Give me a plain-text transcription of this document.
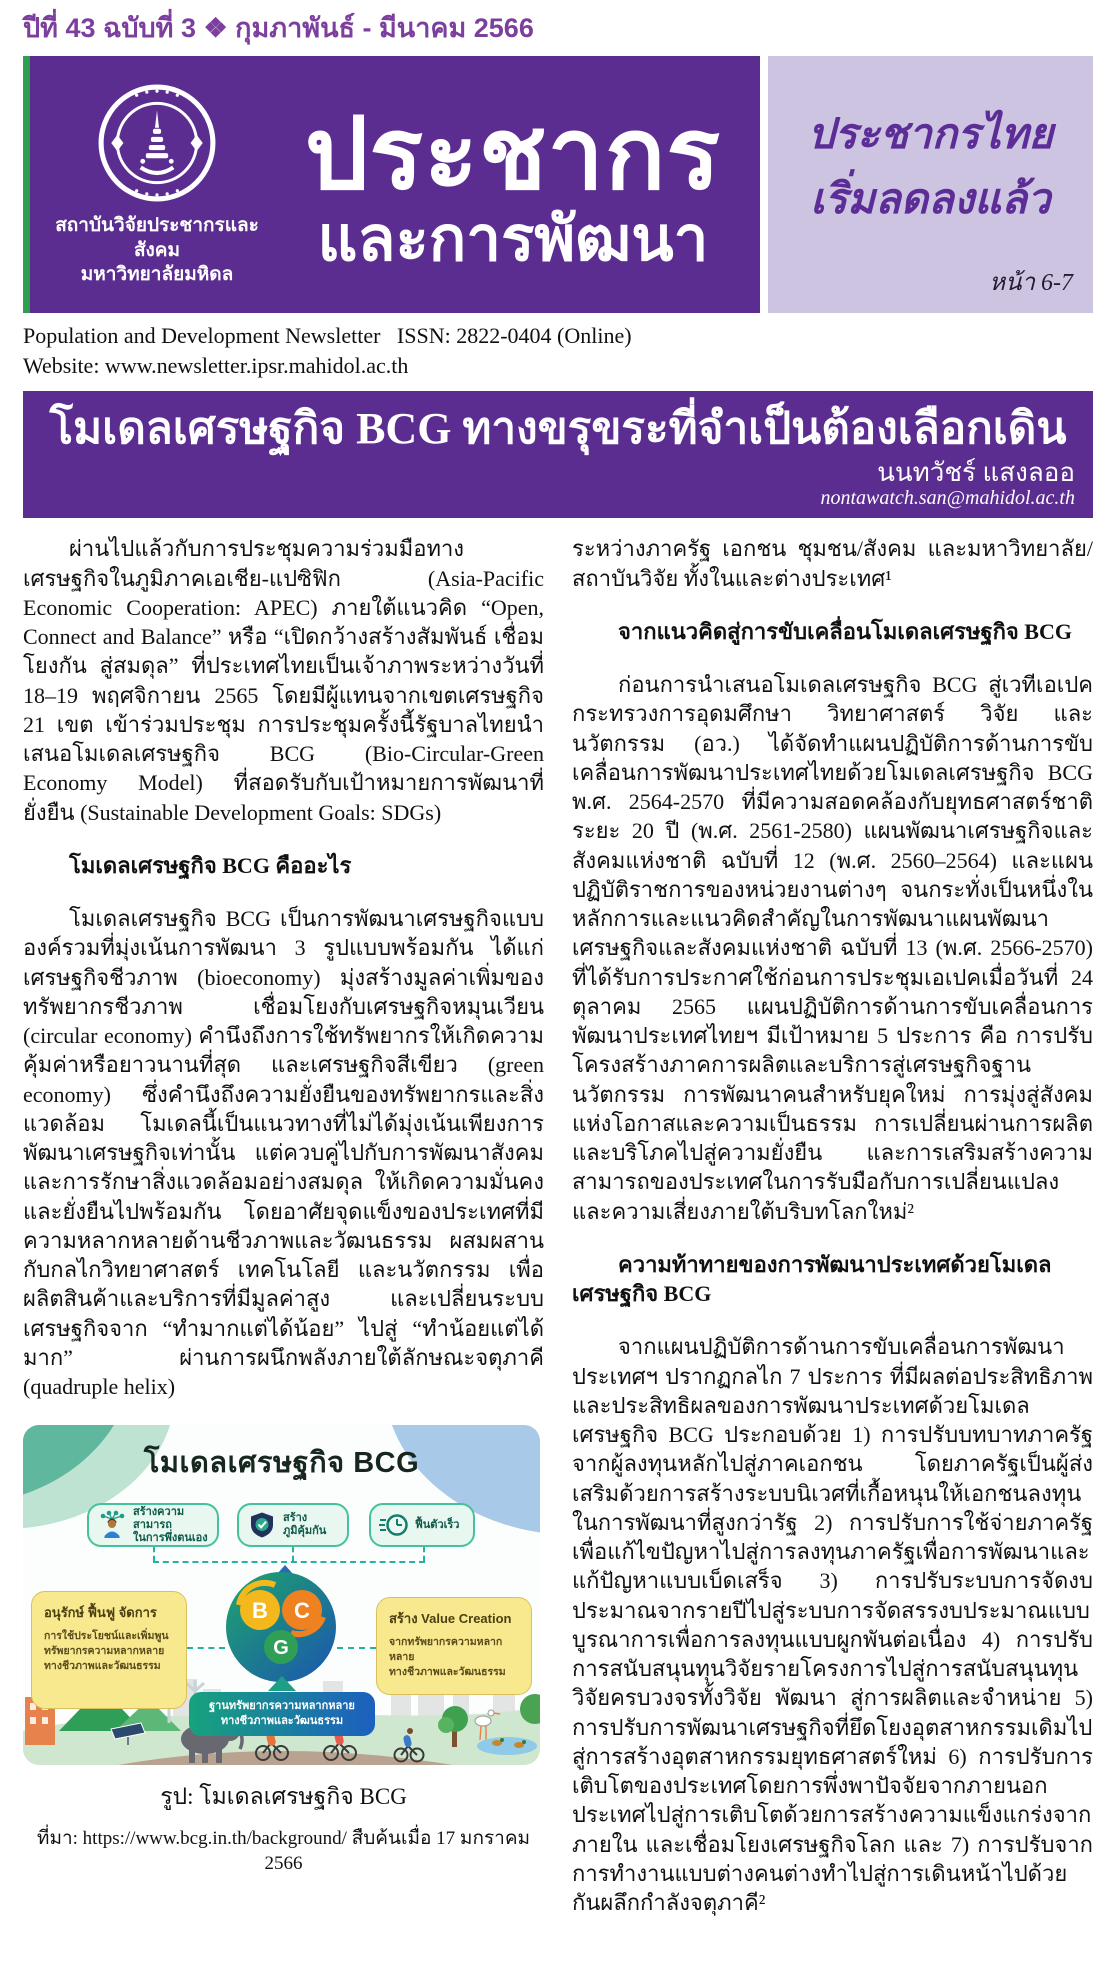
ปีที่ 43 ฉบับที่ 3 ❖ กุมภาพันธ์ - มีนาคม 2566
สถาบันวิจัยประชากรและสังคม
มหาวิทยาลัยมหิดล
ประชากร
และการพัฒนา
ประชากรไทย
เริ่มลดลงแล้ว
หน้า 6-7
Population and Development Newsletter   ISSN: 2822-0404 (Online)
Website: www.newsletter.ipsr.mahidol.ac.th
โมเดลเศรษฐกิจ BCG ทางขรุขระที่จำเป็นต้องเลือกเดิน
นนทวัชร์ แสงลออ
nontawatch.san@mahidol.ac.th

ผ่านไปแล้วกับการประชุมความร่วมมือทางเศรษฐกิจในภูมิภาคเอเชีย-แปซิฟิก (Asia-Pacific Economic Cooperation: APEC) ภายใต้แนวคิด “Open, Connect and Balance” หรือ “เปิดกว้างสร้างสัมพันธ์ เชื่อมโยงกัน สู่สมดุล” ที่ประเทศไทยเป็นเจ้าภาพระหว่างวันที่ 18–19 พฤศจิกายน 2565 โดยมีผู้แทนจากเขตเศรษฐกิจ 21 เขต เข้าร่วมประชุม การประชุมครั้งนี้รัฐบาลไทยนำเสนอโมเดลเศรษฐกิจ BCG (Bio-Circular-Green Economy Model) ที่สอดรับกับเป้าหมายการพัฒนาที่ยั่งยืน (Sustainable Development Goals: SDGs)

โมเดลเศรษฐกิจ BCG คืออะไร

โมเดลเศรษฐกิจ BCG เป็นการพัฒนาเศรษฐกิจแบบองค์รวมที่มุ่งเน้นการพัฒนา 3 รูปแบบพร้อมกัน ได้แก่ เศรษฐกิจชีวภาพ (bioeconomy) มุ่งสร้างมูลค่าเพิ่มของทรัพยากรชีวภาพ เชื่อมโยงกับเศรษฐกิจหมุนเวียน (circular economy) คำนึงถึงการใช้ทรัพยากรให้เกิดความคุ้มค่าหรือยาวนานที่สุด และเศรษฐกิจสีเขียว (green economy) ซึ่งคำนึงถึงความยั่งยืนของทรัพยากรและสิ่งแวดล้อม โมเดลนี้เป็นแนวทางที่ไม่ได้มุ่งเน้นเพียงการพัฒนาเศรษฐกิจเท่านั้น แต่ควบคู่ไปกับการพัฒนาสังคม และการรักษาสิ่งแวดล้อมอย่างสมดุล ให้เกิดความมั่นคงและยั่งยืนไปพร้อมกัน โดยอาศัยจุดแข็งของประเทศที่มีความหลากหลายด้านชีวภาพและวัฒนธรรม ผสมผสานกับกลไกวิทยาศาสตร์ เทคโนโลยี และนวัตกรรม เพื่อผลิตสินค้าและบริการที่มีมูลค่าสูง และเปลี่ยนระบบเศรษฐกิจจาก “ทำมากแต่ได้น้อย” ไปสู่ “ทำน้อยแต่ได้มาก” ผ่านการผนึกพลังภายใต้ลักษณะจตุภาคี (quadruple helix)

โมเดลเศรษฐกิจ BCG
สร้างความสามารถ
ในการพึ่งตนเอง
สร้างภูมิคุ้มกัน
ฟื้นตัวเร็ว
B C
G
อนุรักษ์ ฟื้นฟู จัดการ
การใช้ประโยชน์และเพิ่มพูน
ทรัพยากรความหลากหลาย
ทางชีวภาพและวัฒนธรรม
สร้าง Value Creation
จากทรัพยากรความหลากหลาย
ทางชีวภาพและวัฒนธรรม
ฐานทรัพยากรความหลากหลาย
ทางชีวภาพและวัฒนธรรม
รูป: โมเดลเศรษฐกิจ BCG
ที่มา: https://www.bcg.in.th/background/ สืบค้นเมื่อ 17 มกราคม 2566

ระหว่างภาครัฐ เอกชน ชุมชน/สังคม และมหาวิทยาลัย/สถาบันวิจัย ทั้งในและต่างประเทศ¹

จากแนวคิดสู่การขับเคลื่อนโมเดลเศรษฐกิจ BCG

ก่อนการนำเสนอโมเดลเศรษฐกิจ BCG สู่เวทีเอเปค กระทรวงการอุดมศึกษา วิทยาศาสตร์ วิจัย และนวัตกรรม (อว.) ได้จัดทำแผนปฏิบัติการด้านการขับเคลื่อนการพัฒนาประเทศไทยด้วยโมเดลเศรษฐกิจ BCG พ.ศ. 2564-2570 ที่มีความสอดคล้องกับยุทธศาสตร์ชาติระยะ 20 ปี (พ.ศ. 2561-2580) แผนพัฒนาเศรษฐกิจและสังคมแห่งชาติ ฉบับที่ 12 (พ.ศ. 2560–2564) และแผนปฏิบัติราชการของหน่วยงานต่างๆ จนกระทั่งเป็นหนึ่งในหลักการและแนวคิดสำคัญในการพัฒนาแผนพัฒนาเศรษฐกิจและสังคมแห่งชาติ ฉบับที่ 13 (พ.ศ. 2566-2570) ที่ได้รับการประกาศใช้ก่อนการประชุมเอเปคเมื่อวันที่ 24 ตุลาคม 2565 แผนปฏิบัติการด้านการขับเคลื่อนการพัฒนาประเทศไทยฯ มีเป้าหมาย 5 ประการ คือ การปรับโครงสร้างภาคการผลิตและบริการสู่เศรษฐกิจฐานนวัตกรรม การพัฒนาคนสำหรับยุคใหม่ การมุ่งสู่สังคมแห่งโอกาสและความเป็นธรรม การเปลี่ยนผ่านการผลิตและบริโภคไปสู่ความยั่งยืน และการเสริมสร้างความสามารถของประเทศในการรับมือกับการเปลี่ยนแปลงและความเสี่ยงภายใต้บริบทโลกใหม่²

ความท้าทายของการพัฒนาประเทศด้วยโมเดลเศรษฐกิจ BCG

จากแผนปฏิบัติการด้านการขับเคลื่อนการพัฒนาประเทศฯ ปรากฏกลไก 7 ประการ ที่มีผลต่อประสิทธิภาพและประสิทธิผลของการพัฒนาประเทศด้วยโมเดลเศรษฐกิจ BCG ประกอบด้วย 1) การปรับบทบาทภาครัฐจากผู้ลงทุนหลักไปสู่ภาคเอกชน โดยภาครัฐเป็นผู้ส่งเสริมด้วยการสร้างระบบนิเวศที่เกื้อหนุนให้เอกชนลงทุนในการพัฒนาที่สูงกว่ารัฐ 2) การปรับการใช้จ่ายภาครัฐเพื่อแก้ไขปัญหาไปสู่การลงทุนภาครัฐเพื่อการพัฒนาและแก้ปัญหาแบบเบ็ดเสร็จ 3) การปรับระบบการจัดงบประมาณจากรายปีไปสู่ระบบการจัดสรรงบประมาณแบบบูรณาการเพื่อการลงทุนแบบผูกพันต่อเนื่อง 4) การปรับการสนับสนุนทุนวิจัยรายโครงการไปสู่การสนับสนุนทุนวิจัยครบวงจรทั้งวิจัย พัฒนา สู่การผลิตและจำหน่าย 5) การปรับการพัฒนาเศรษฐกิจที่ยึดโยงอุตสาหกรรมเดิมไปสู่การสร้างอุตสาหกรรมยุทธศาสตร์ใหม่ 6) การปรับการเติบโตของประเทศโดยการพึ่งพาปัจจัยจากภายนอกประเทศไปสู่การเติบโตด้วยการสร้างความแข็งแกร่งจากภายใน และเชื่อมโยงเศรษฐกิจโลก และ 7) การปรับจากการทำงานแบบต่างคนต่างทำไปสู่การเดินหน้าไปด้วยกันผลึกกำลังจตุภาคี²
